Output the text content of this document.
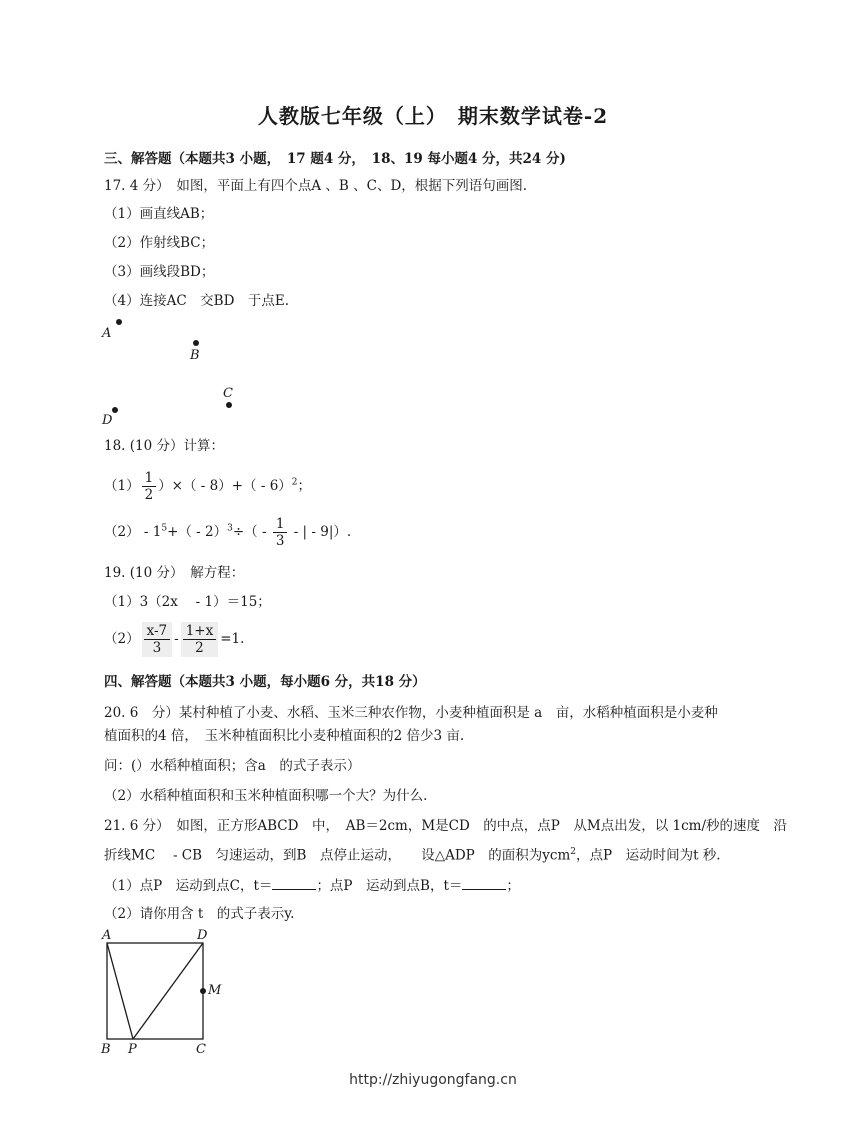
人教版七年级（上）　期末数学试卷-2
三、解答题（本题共3 小题，　17 题4 分，　18、19 每小题4 分，共24 分)
17. 4 分）　如图，平面上有四个点A 、B 、C、D，根据下列语句画图.
（1）画直线AB；
（2）作射线BC；
（3）画线段BD；
（4）连接AC　交BD　于点E.
A
B
C
D
18. (10 分）计算：
$(1) \frac{1}{2}$ ）×（ - 8）+（ - 6）$^2$；
$(2) - 1^5+( - 2)^3\div( - \frac{1}{3}$ - | - 9|）.
19. (10 分）　解方程：
（1）3（2x　 - 1）＝15；
$(2) \frac{x-7}{3} - \frac{1+x}{2} =1$.
四、解答题（本题共3 小题，每小题6 分，共18 分）
20. 6　分）某村种植了小麦、水稻、玉米三种农作物，小麦种植面积是 a　亩，水稻种植面积是小麦种
植面积的4 倍，　玉米种植面积比小麦种植面积的2 倍少3 亩.
问：(）水稻种植面积；含a　的式子表示）
（2）水稻种植面积和玉米种植面积哪一个大？为什么.
21. 6 分）　如图，正方形ABCD　中，　AB＝2cm，M是CD　的中点，点P　从M点出发，以 1cm/秒的速度　沿
折线MC　 - CB　匀速运动，到B　点停止运动，　　设△ADP　的面积为ycm$^2$，点P　运动时间为t 秒.
（1）点P　运动到点C，t＝	；点P　运动到点B，t＝	；
（2）请你用含 t　的式子表示y.
A	D
M
B P	C
http://zhiyugongfang.cn
